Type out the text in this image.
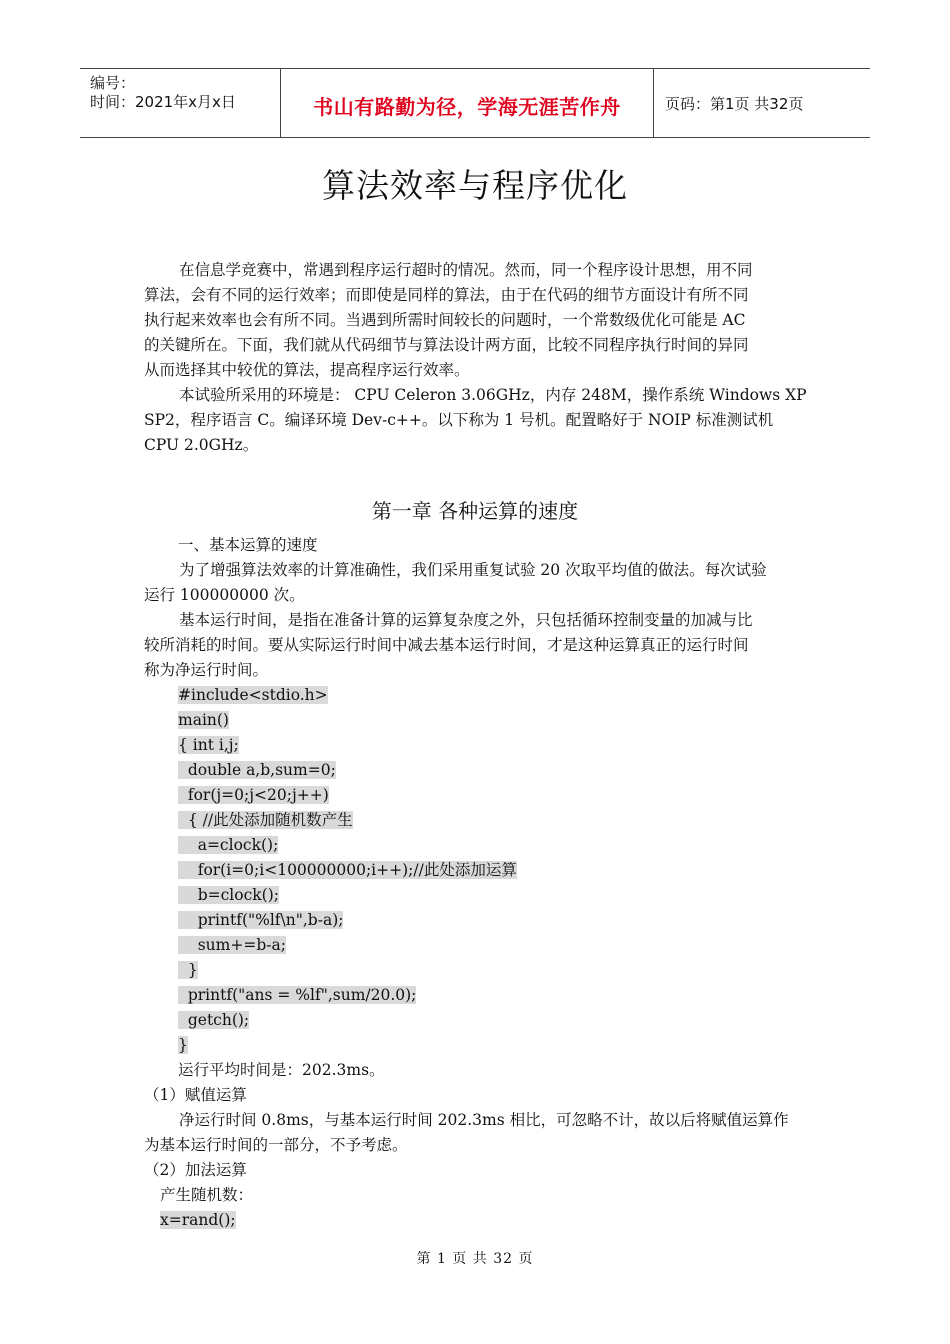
编号：
时间：2021年x月x日	书山有路勤为径，学海无涯苦作舟	页码：第1页 共32页
算法效率与程序优化
在信息学竞赛中，常遇到程序运行超时的情况。然而，同一个程序设计思想，用不同
算法，会有不同的运行效率；而即使是同样的算法，由于在代码的细节方面设计有所不同
执行起来效率也会有所不同。当遇到所需时间较长的问题时，一个常数级优化可能是 AC
的关键所在。下面，我们就从代码细节与算法设计两方面，比较不同程序执行时间的异同
从而选择其中较优的算法，提高程序运行效率。
本试验所采用的环境是： CPU Celeron 3.06GHz，内存 248M，操作系统 Windows XP
SP2，程序语言 C。编译环境 Dev-c++。以下称为 1 号机。配置略好于 NOIP 标准测试机
CPU 2.0GHz。
第一章 各种运算的速度
一、基本运算的速度
为了增强算法效率的计算准确性，我们采用重复试验 20 次取平均值的做法。每次试验
运行 100000000 次。
基本运行时间，是指在准备计算的运算复杂度之外，只包括循环控制变量的加减与比
较所消耗的时间。要从实际运行时间中减去基本运行时间，才是这种运算真正的运行时间
称为净运行时间。
#include<stdio.h>
main()
{ int i,j;
double a,b,sum=0;
for(j=0;j<20;j++)
{ //此处添加随机数产生
a=clock();
for(i=0;i<100000000;i++);//此处添加运算
b=clock();
printf("%lf\n",b-a);
sum+=b-a;
}
printf("ans = %lf",sum/20.0);
getch();
}
运行平均时间是：202.3ms。
（1）赋值运算
净运行时间 0.8ms，与基本运行时间 202.3ms 相比，可忽略不计，故以后将赋值运算作
为基本运行时间的一部分，不予考虑。
（2）加法运算
产生随机数：
x=rand();
第 1 页 共 32 页
